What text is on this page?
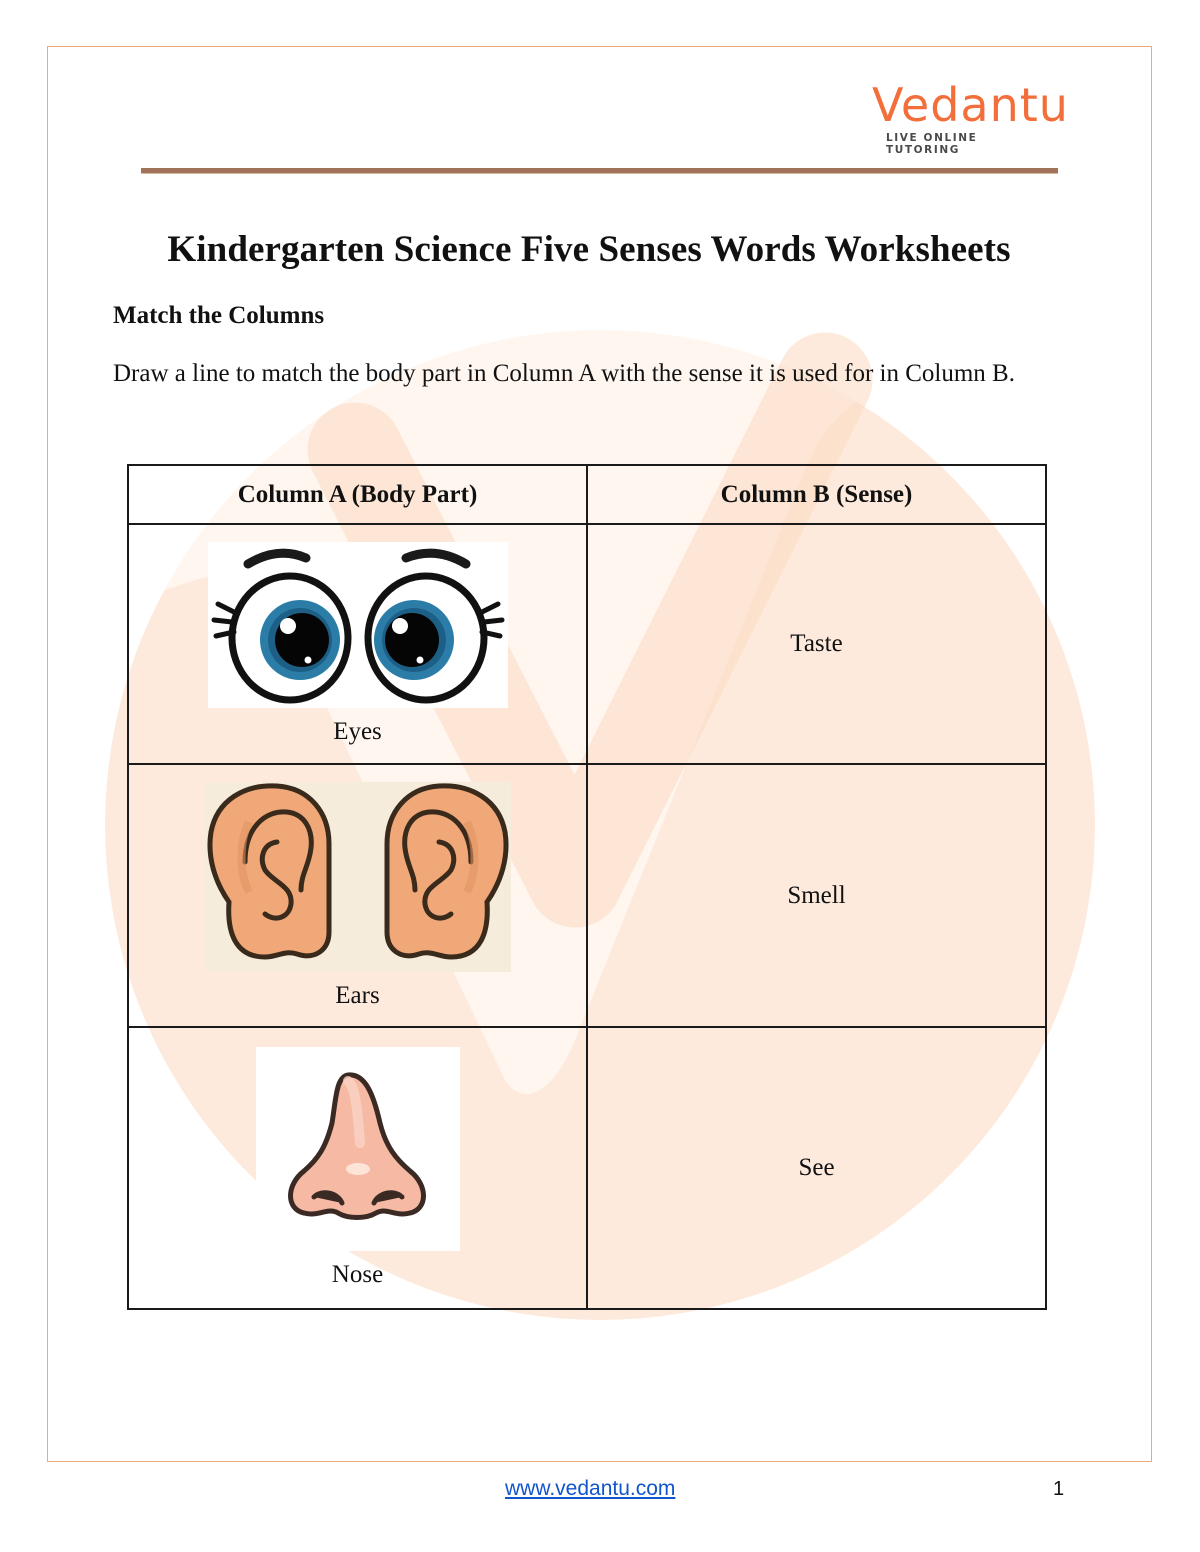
Vedantu
LIVE ONLINE TUTORING
Kindergarten Science Five Senses Words Worksheets
Match the Columns
Draw a line to match the body part in Column A with the sense it is used for in Column B.
Column A (Body Part)	Column B (Sense)

Eyes	Taste

Ears	Smell

Nose	See
www.vedantu.com	1
